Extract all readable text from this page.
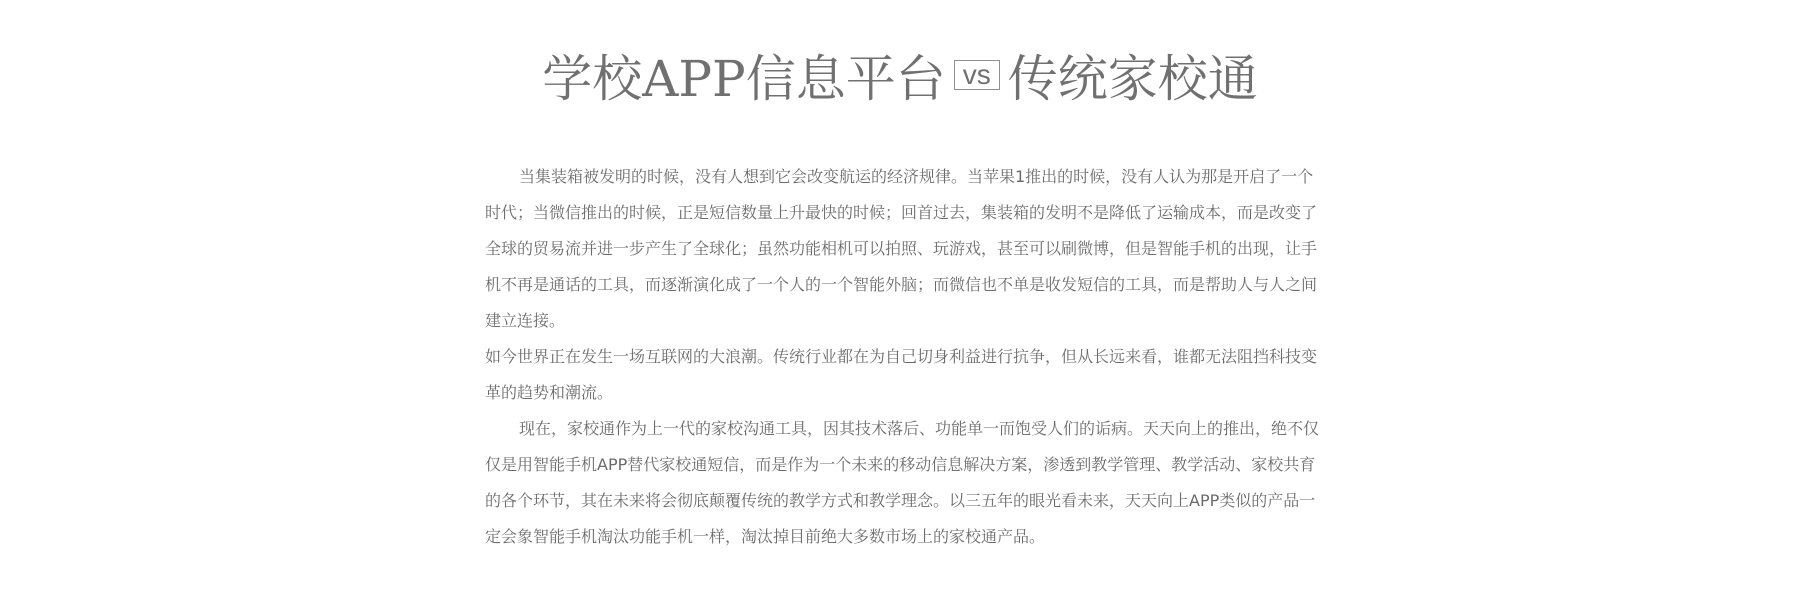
学校APP信息平台 vs 传统家校通

当集装箱被发明的时候，没有人想到它会改变航运的经济规律。当苹果1推出的时候，没有人认为那是开启了一个时代；当微信推出的时候，正是短信数量上升最快的时候；回首过去，集装箱的发明不是降低了运输成本，而是改变了全球的贸易流并进一步产生了全球化；虽然功能相机可以拍照、玩游戏，甚至可以刷微博，但是智能手机的出现，让手机不再是通话的工具，而逐渐演化成了一个人的一个智能外脑；而微信也不单是收发短信的工具，而是帮助人与人之间建立连接。

如今世界正在发生一场互联网的大浪潮。传统行业都在为自己切身利益进行抗争，但从长远来看，谁都无法阻挡科技变革的趋势和潮流。

现在，家校通作为上一代的家校沟通工具，因其技术落后、功能单一而饱受人们的诟病。天天向上的推出，绝不仅仅是用智能手机APP替代家校通短信，而是作为一个未来的移动信息解决方案，渗透到教学管理、教学活动、家校共育的各个环节，其在未来将会彻底颠覆传统的教学方式和教学理念。以三五年的眼光看未来，天天向上APP类似的产品一定会象智能手机淘汰功能手机一样，淘汰掉目前绝大多数市场上的家校通产品。
